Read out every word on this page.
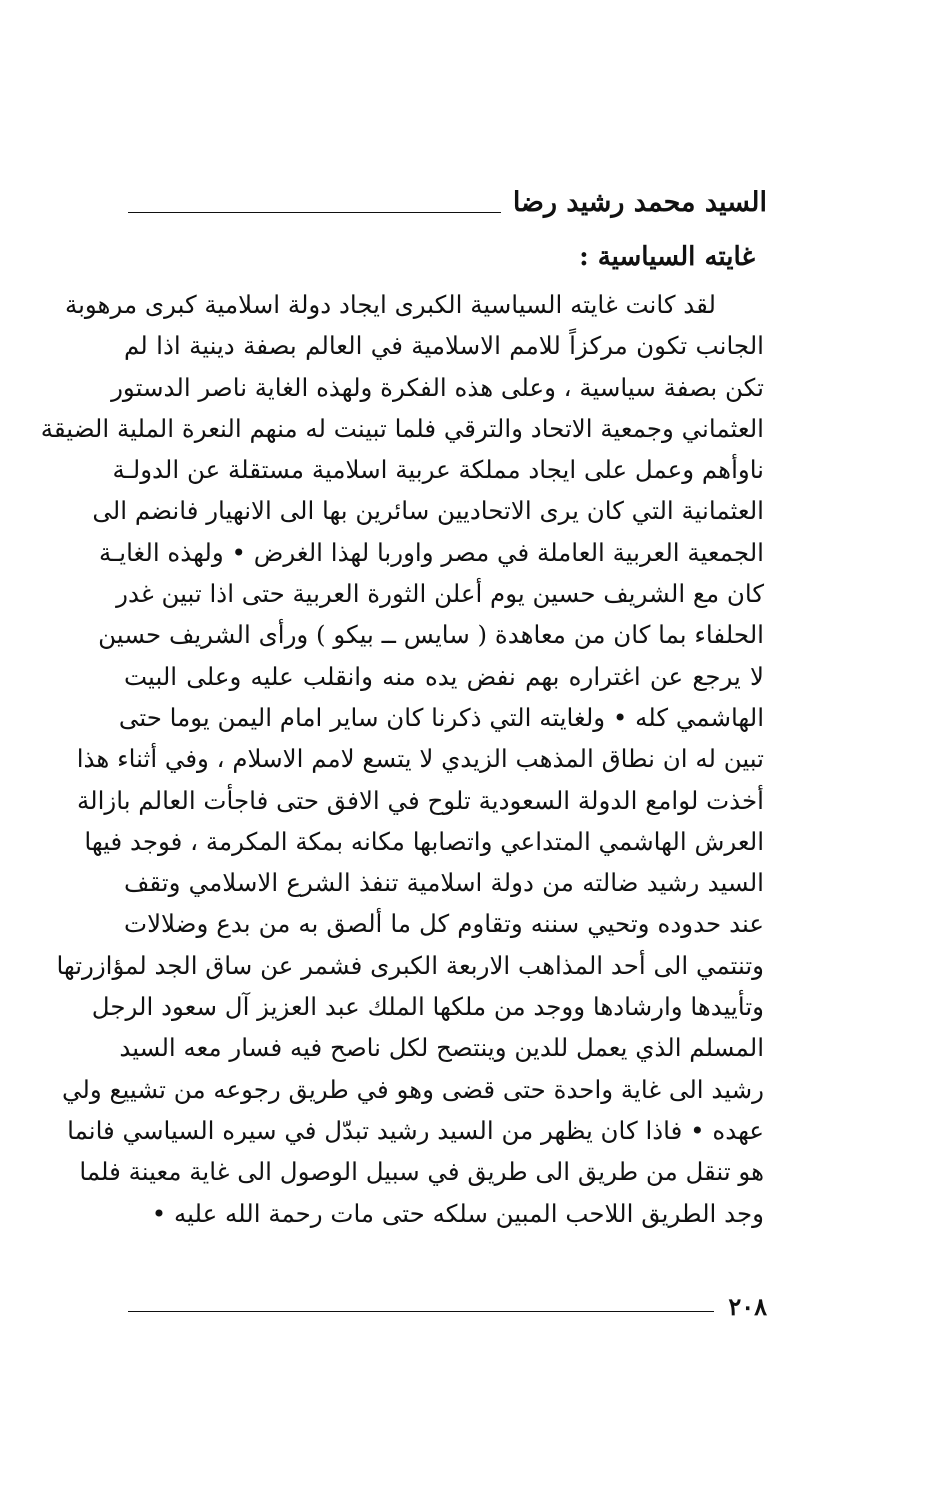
السيد محمد رشيد رضا
غايته السياسية :
لقد كانت غايته السياسية الكبرى ايجاد دولة اسلامية كبرى مرهوبة
الجانب تكون مركزاً للامم الاسلامية في العالم بصفة دينية اذا لم
تكن بصفة سياسية ، وعلى هذه الفكرة ولهذه الغاية ناصر الدستور
العثماني وجمعية الاتحاد والترقي فلما تبينت له منهم النعرة الملية الضيقة
ناوأهم وعمل على ايجاد مملكة عربية اسلامية مستقلة عن الدولـة
العثمانية التي كان يرى الاتحاديين سائرين بها الى الانهيار فانضم الى
الجمعية العربية العاملة في مصر واوربا لهذا الغرض • ولهذه الغايـة
كان مع الشريف حسين يوم أعلن الثورة العربية حتى اذا تبين غدر
الحلفاء بما كان من معاهدة ( سايس ــ بيكو ) ورأى الشريف حسين
لا يرجع عن اغتراره بهم نفض يده منه وانقلب عليه وعلى البيت
الهاشمي كله • ولغايته التي ذكرنا كان ساير امام اليمن يوما حتى
تبين له ان نطاق المذهب الزيدي لا يتسع لامم الاسلام ، وفي أثناء هذا
أخذت لوامع الدولة السعودية تلوح في الافق حتى فاجأت العالم بازالة
العرش الهاشمي المتداعي واتصابها مكانه بمكة المكرمة ، فوجد فيها
السيد رشيد ضالته من دولة اسلامية تنفذ الشرع الاسلامي وتقف
عند حدوده وتحيي سننه وتقاوم كل ما ألصق به من بدع وضلالات
وتنتمي الى أحد المذاهب الاربعة الكبرى فشمر عن ساق الجد لمؤازرتها
وتأييدها وارشادها ووجد من ملكها الملك عبد العزيز آل سعود الرجل
المسلم الذي يعمل للدين وينتصح لكل ناصح فيه فسار معه السيد
رشيد الى غاية واحدة حتى قضى وهو في طريق رجوعه من تشييع ولي
عهده • فاذا كان يظهر من السيد رشيد تبدّل في سيره السياسي فانما
هو تنقل من طريق الى طريق في سبيل الوصول الى غاية معينة فلما
وجد الطريق اللاحب المبين سلكه حتى مات رحمة الله عليه •
٢٠٨
